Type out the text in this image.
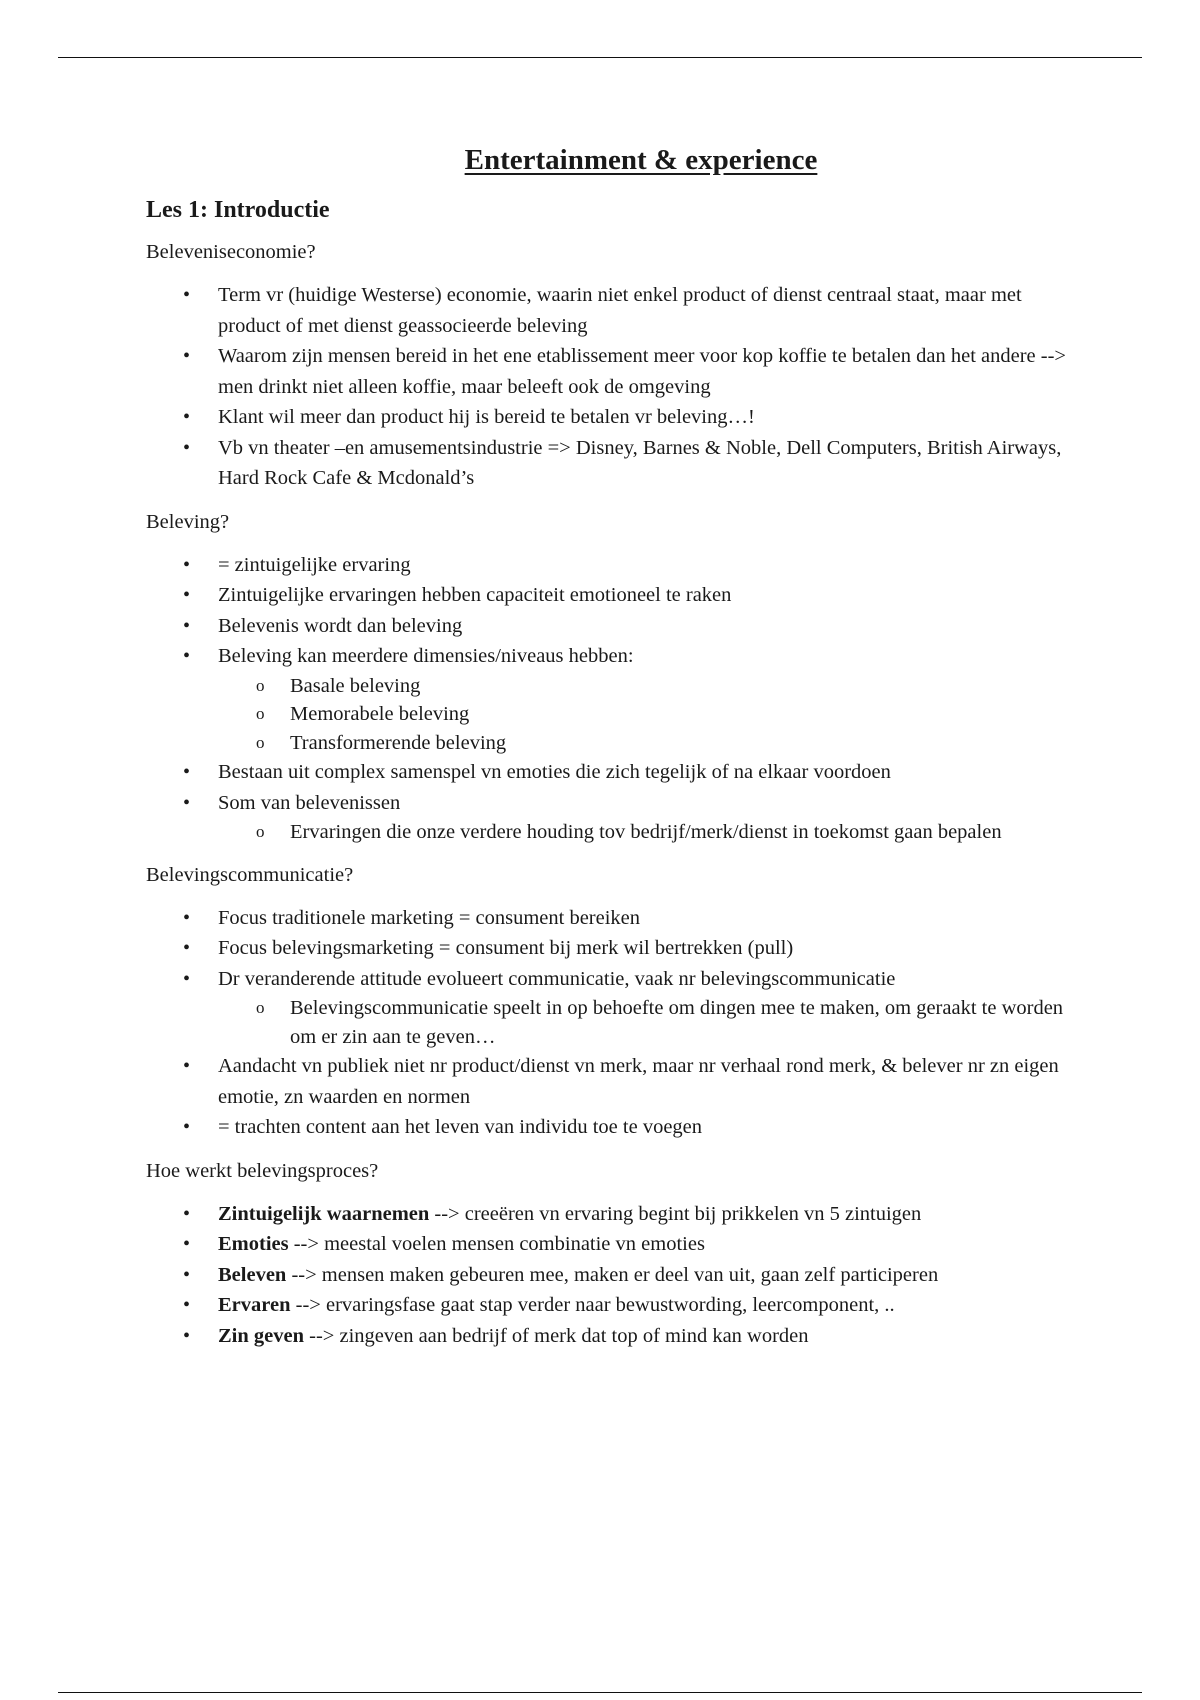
Entertainment & experience
Les 1: Introductie
Beleveniseconomie?
• Term vr (huidige Westerse) economie, waarin niet enkel product of dienst centraal staat, maar met product of met dienst geassocieerde beleving
• Waarom zijn mensen bereid in het ene etablissement meer voor kop koffie te betalen dan het andere --> men drinkt niet alleen koffie, maar beleeft ook de omgeving
• Klant wil meer dan product hij is bereid te betalen vr beleving…!
• Vb vn theater –en amusementsindustrie => Disney, Barnes & Noble, Dell Computers, British Airways, Hard Rock Cafe & Mcdonald’s
Beleving?
• = zintuigelijke ervaring
• Zintuigelijke ervaringen hebben capaciteit emotioneel te raken
• Belevenis wordt dan beleving
• Beleving kan meerdere dimensies/niveaus hebben:
o Basale beleving
o Memorabele beleving
o Transformerende beleving
• Bestaan uit complex samenspel vn emoties die zich tegelijk of na elkaar voordoen
• Som van belevenissen
o Ervaringen die onze verdere houding tov bedrijf/merk/dienst in toekomst gaan bepalen
Belevingscommunicatie?
• Focus traditionele marketing = consument bereiken
• Focus belevingsmarketing = consument bij merk wil bertrekken (pull)
• Dr veranderende attitude evolueert communicatie, vaak nr belevingscommunicatie
o Belevingscommunicatie speelt in op behoefte om dingen mee te maken, om geraakt te worden om er zin aan te geven…
• Aandacht vn publiek niet nr product/dienst vn merk, maar nr verhaal rond merk, & belever nr zn eigen emotie, zn waarden en normen
• = trachten content aan het leven van individu toe te voegen
Hoe werkt belevingsproces?
• Zintuigelijk waarnemen --> creeëren vn ervaring begint bij prikkelen vn 5 zintuigen
• Emoties --> meestal voelen mensen combinatie vn emoties
• Beleven --> mensen maken gebeuren mee, maken er deel van uit, gaan zelf participeren
• Ervaren --> ervaringsfase gaat stap verder naar bewustwording, leercomponent, ..
• Zin geven --> zingeven aan bedrijf of merk dat top of mind kan worden
